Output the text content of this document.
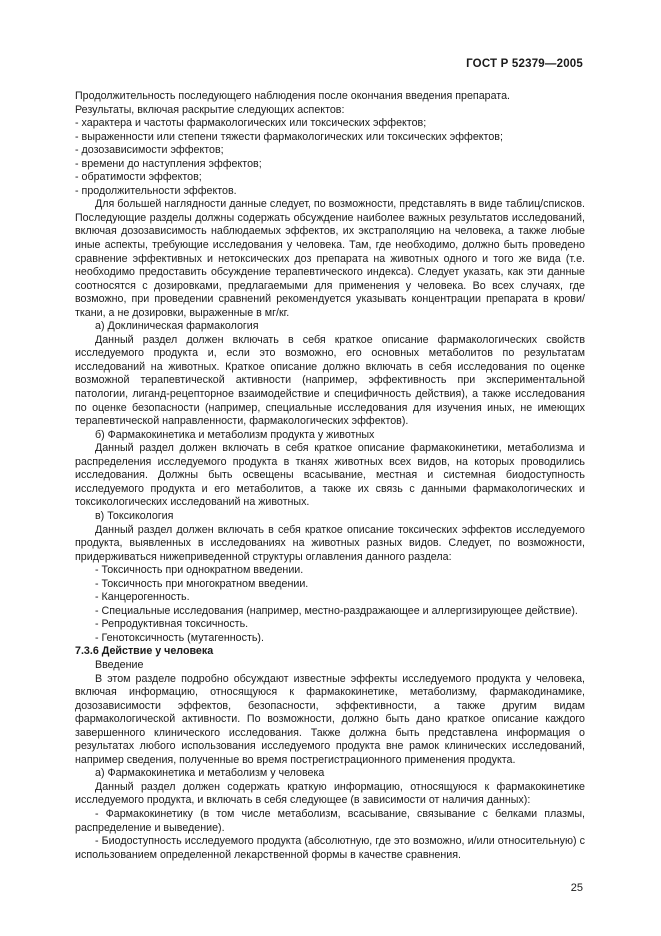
ГОСТ Р 52379—2005

Продолжительность последующего наблюдения после окончания введения препарата.

Результаты, включая раскрытие следующих аспектов:

- характера и частоты фармакологических или токсических эффектов;

- выраженности или степени тяжести фармакологических или токсических эффектов;

- дозозависимости эффектов;

- времени до наступления эффектов;

- обратимости эффектов;

- продолжительности эффектов.

Для большей наглядности данные следует, по возможности, представлять в виде таблиц/списков. Последующие разделы должны содержать обсуждение наиболее важных результатов исследований, включая дозозависимость наблюдаемых эффектов, их экстраполяцию на человека, а также любые иные аспекты, требующие исследования у человека. Там, где необходимо, должно быть проведено сравнение эффективных и нетоксических доз препарата на животных одного и того же вида (т.е. необходимо предоставить обсуждение терапевтического индекса). Следует указать, как эти данные соотносятся с дозировками, предлагаемыми для применения у человека. Во всех случаях, где возможно, при проведении сравнений рекомендуется указывать концентрации препарата в крови/ткани, а не дозировки, выраженные в мг/кг.

а) Доклиническая фармакология

Данный раздел должен включать в себя краткое описание фармакологических свойств исследуемого продукта и, если это возможно, его основных метаболитов по результатам исследований на животных. Краткое описание должно включать в себя исследования по оценке возможной терапевтической активности (например, эффективность при экспериментальной патологии, лиганд-рецепторное взаимодействие и специфичность действия), а также исследования по оценке безопасности (например, специальные исследования для изучения иных, не имеющих терапевтической направленности, фармакологических эффектов).

б) Фармакокинетика и метаболизм продукта у животных

Данный раздел должен включать в себя краткое описание фармакокинетики, метаболизма и распределения исследуемого продукта в тканях животных всех видов, на которых проводились исследования. Должны быть освещены всасывание, местная и системная биодоступность исследуемого продукта и его метаболитов, а также их связь с данными фармакологических и токсикологических исследований на животных.

в) Токсикология

Данный раздел должен включать в себя краткое описание токсических эффектов исследуемого продукта, выявленных в исследованиях на животных разных видов. Следует, по возможности, придерживаться нижеприведенной структуры оглавления данного раздела:

- Токсичность при однократном введении.

- Токсичность при многократном введении.

- Канцерогенность.

- Специальные исследования (например, местно-раздражающее и аллергизирующее действие).

- Репродуктивная токсичность.

- Генотоксичность (мутагенность).

7.3.6 Действие у человека

Введение

В этом разделе подробно обсуждают известные эффекты исследуемого продукта у человека, включая информацию, относящуюся к фармакокинетике, метаболизму, фармакодинамике, дозозависимости эффектов, безопасности, эффективности, а также другим видам фармакологической активности. По возможности, должно быть дано краткое описание каждого завершенного клинического исследования. Также должна быть представлена информация о результатах любого использования исследуемого продукта вне рамок клинических исследований, например сведения, полученные во время пострегистрационного применения продукта.

а) Фармакокинетика и метаболизм у человека

Данный раздел должен содержать краткую информацию, относящуюся к фармакокинетике исследуемого продукта, и включать в себя следующее (в зависимости от наличия данных):

- Фармакокинетику (в том числе метаболизм, всасывание, связывание с белками плазмы, распределение и выведение).

- Биодоступность исследуемого продукта (абсолютную, где это возможно, и/или относительную) с использованием определенной лекарственной формы в качестве сравнения.

25
